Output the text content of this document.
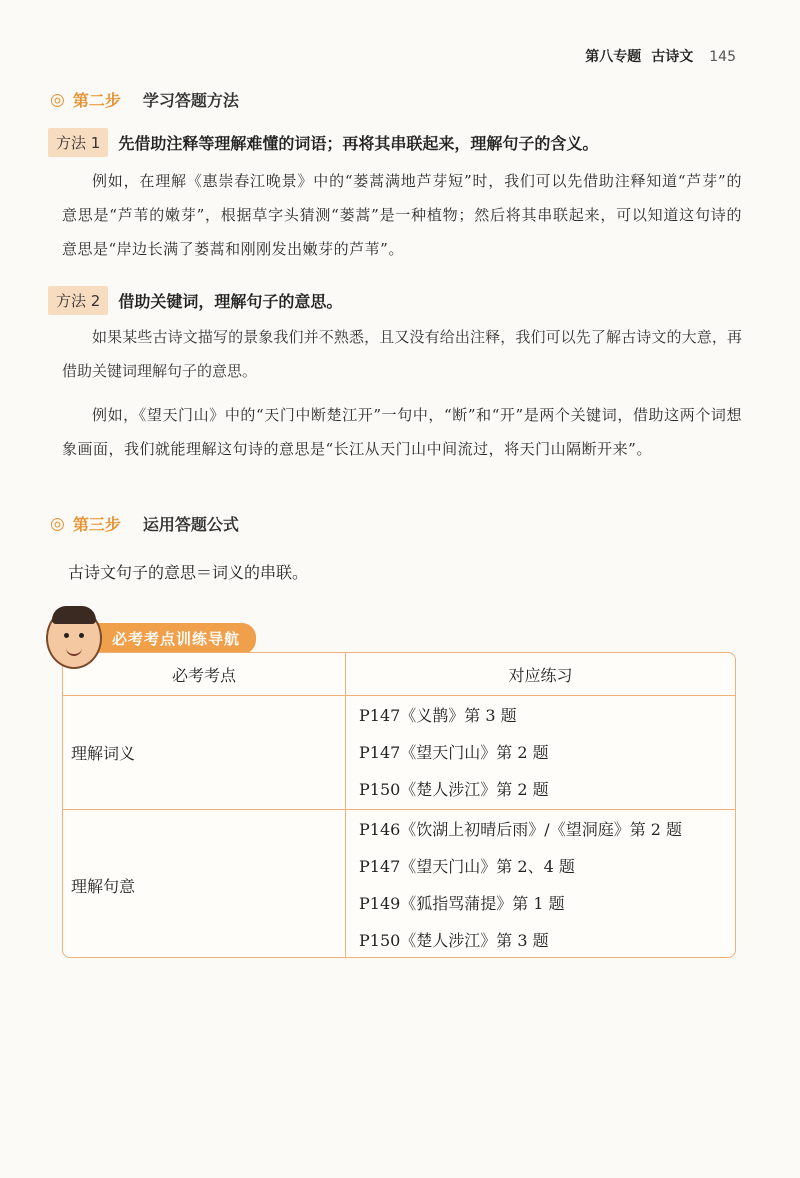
第八专题 古诗文 145
◎ 第二步 学习答题方法
方法 1	先借助注释等理解难懂的词语；再将其串联起来，理解句子的含义。
例如，在理解《惠崇春江晚景》中的“蒌蒿满地芦芽短”时，我们可以先借助注释知道“芦芽”的意思是“芦苇的嫩芽”，根据草字头猜测“蒌蒿”是一种植物；然后将其串联起来，可以知道这句诗的意思是“岸边长满了蒌蒿和刚刚发出嫩芽的芦苇”。
方法 2	借助关键词，理解句子的意思。
如果某些古诗文描写的景象我们并不熟悉，且又没有给出注释，我们可以先了解古诗文的大意，再借助关键词理解句子的意思。
例如，《望天门山》中的“天门中断楚江开”一句中，“断”和“开”是两个关键词，借助这两个词想象画面，我们就能理解这句诗的意思是“长江从天门山中间流过，将天门山隔断开来”。
◎ 第三步 运用答题公式
古诗文句子的意思＝词义的串联。
必考考点训练导航
必考考点	对应练习
理解词义	P147《义鹊》第 3 题
P147《望天门山》第 2 题
P150《楚人涉江》第 2 题

理解句意	P146《饮湖上初晴后雨》/《望洞庭》第 2 题
P147《望天门山》第 2、4 题
P149《狐指骂蒲提》第 1 题
P150《楚人涉江》第 3 题
